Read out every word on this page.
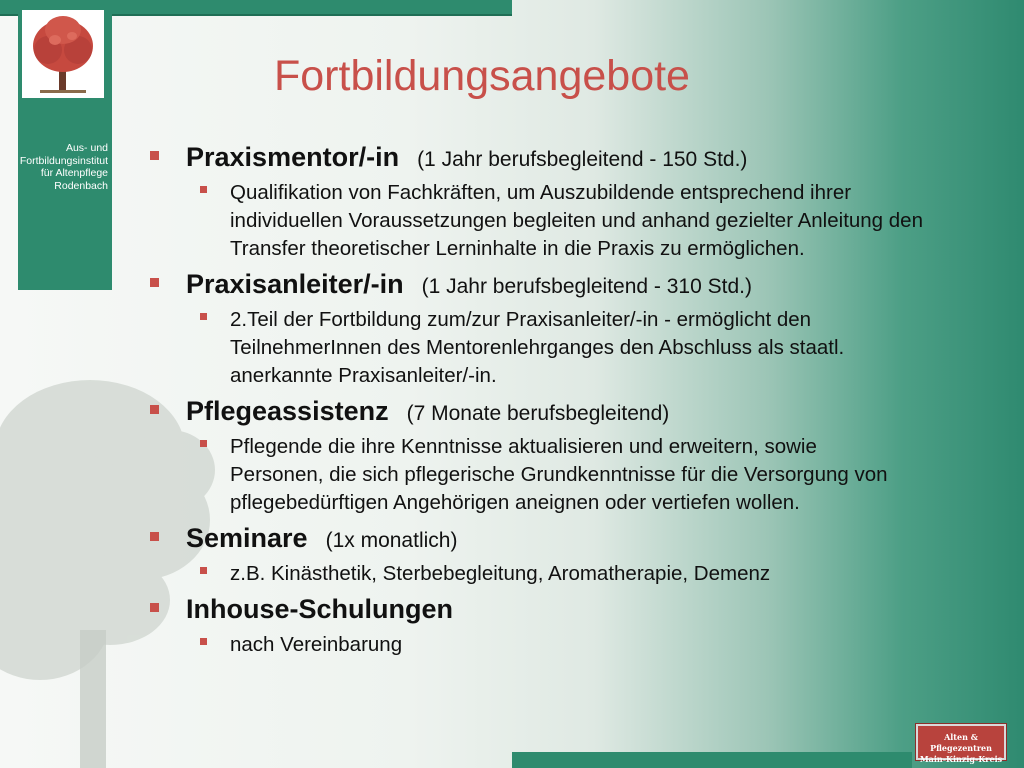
Aus- und
Fortbildungsinstitut
für Altenpflege
Rodenbach
Fortbildungsangebote
Praxismentor/-in (1 Jahr berufsbegleitend - 150 Std.)
Qualifikation von Fachkräften, um Auszubildende entsprechend ihrer individuellen Voraussetzungen begleiten und anhand gezielter Anleitung den Transfer theoretischer Lerninhalte in die Praxis zu ermöglichen.
Praxisanleiter/-in (1 Jahr berufsbegleitend - 310 Std.)
2.Teil der Fortbildung zum/zur Praxisanleiter/-in - ermöglicht den TeilnehmerInnen des Mentorenlehrganges den Abschluss als staatl. anerkannte Praxisanleiter/-in.
Pflegeassistenz (7 Monate berufsbegleitend)
Pflegende die ihre Kenntnisse aktualisieren und erweitern, sowie
Personen, die sich pflegerische Grundkenntnisse für die Versorgung von pflegebedürftigen Angehörigen aneignen oder vertiefen wollen.
Seminare (1x monatlich)
z.B. Kinästhetik, Sterbebegleitung, Aromatherapie, Demenz
Inhouse-Schulungen
nach Vereinbarung
Alten & Pflegezentren
Main-Kinzig-Kreis
